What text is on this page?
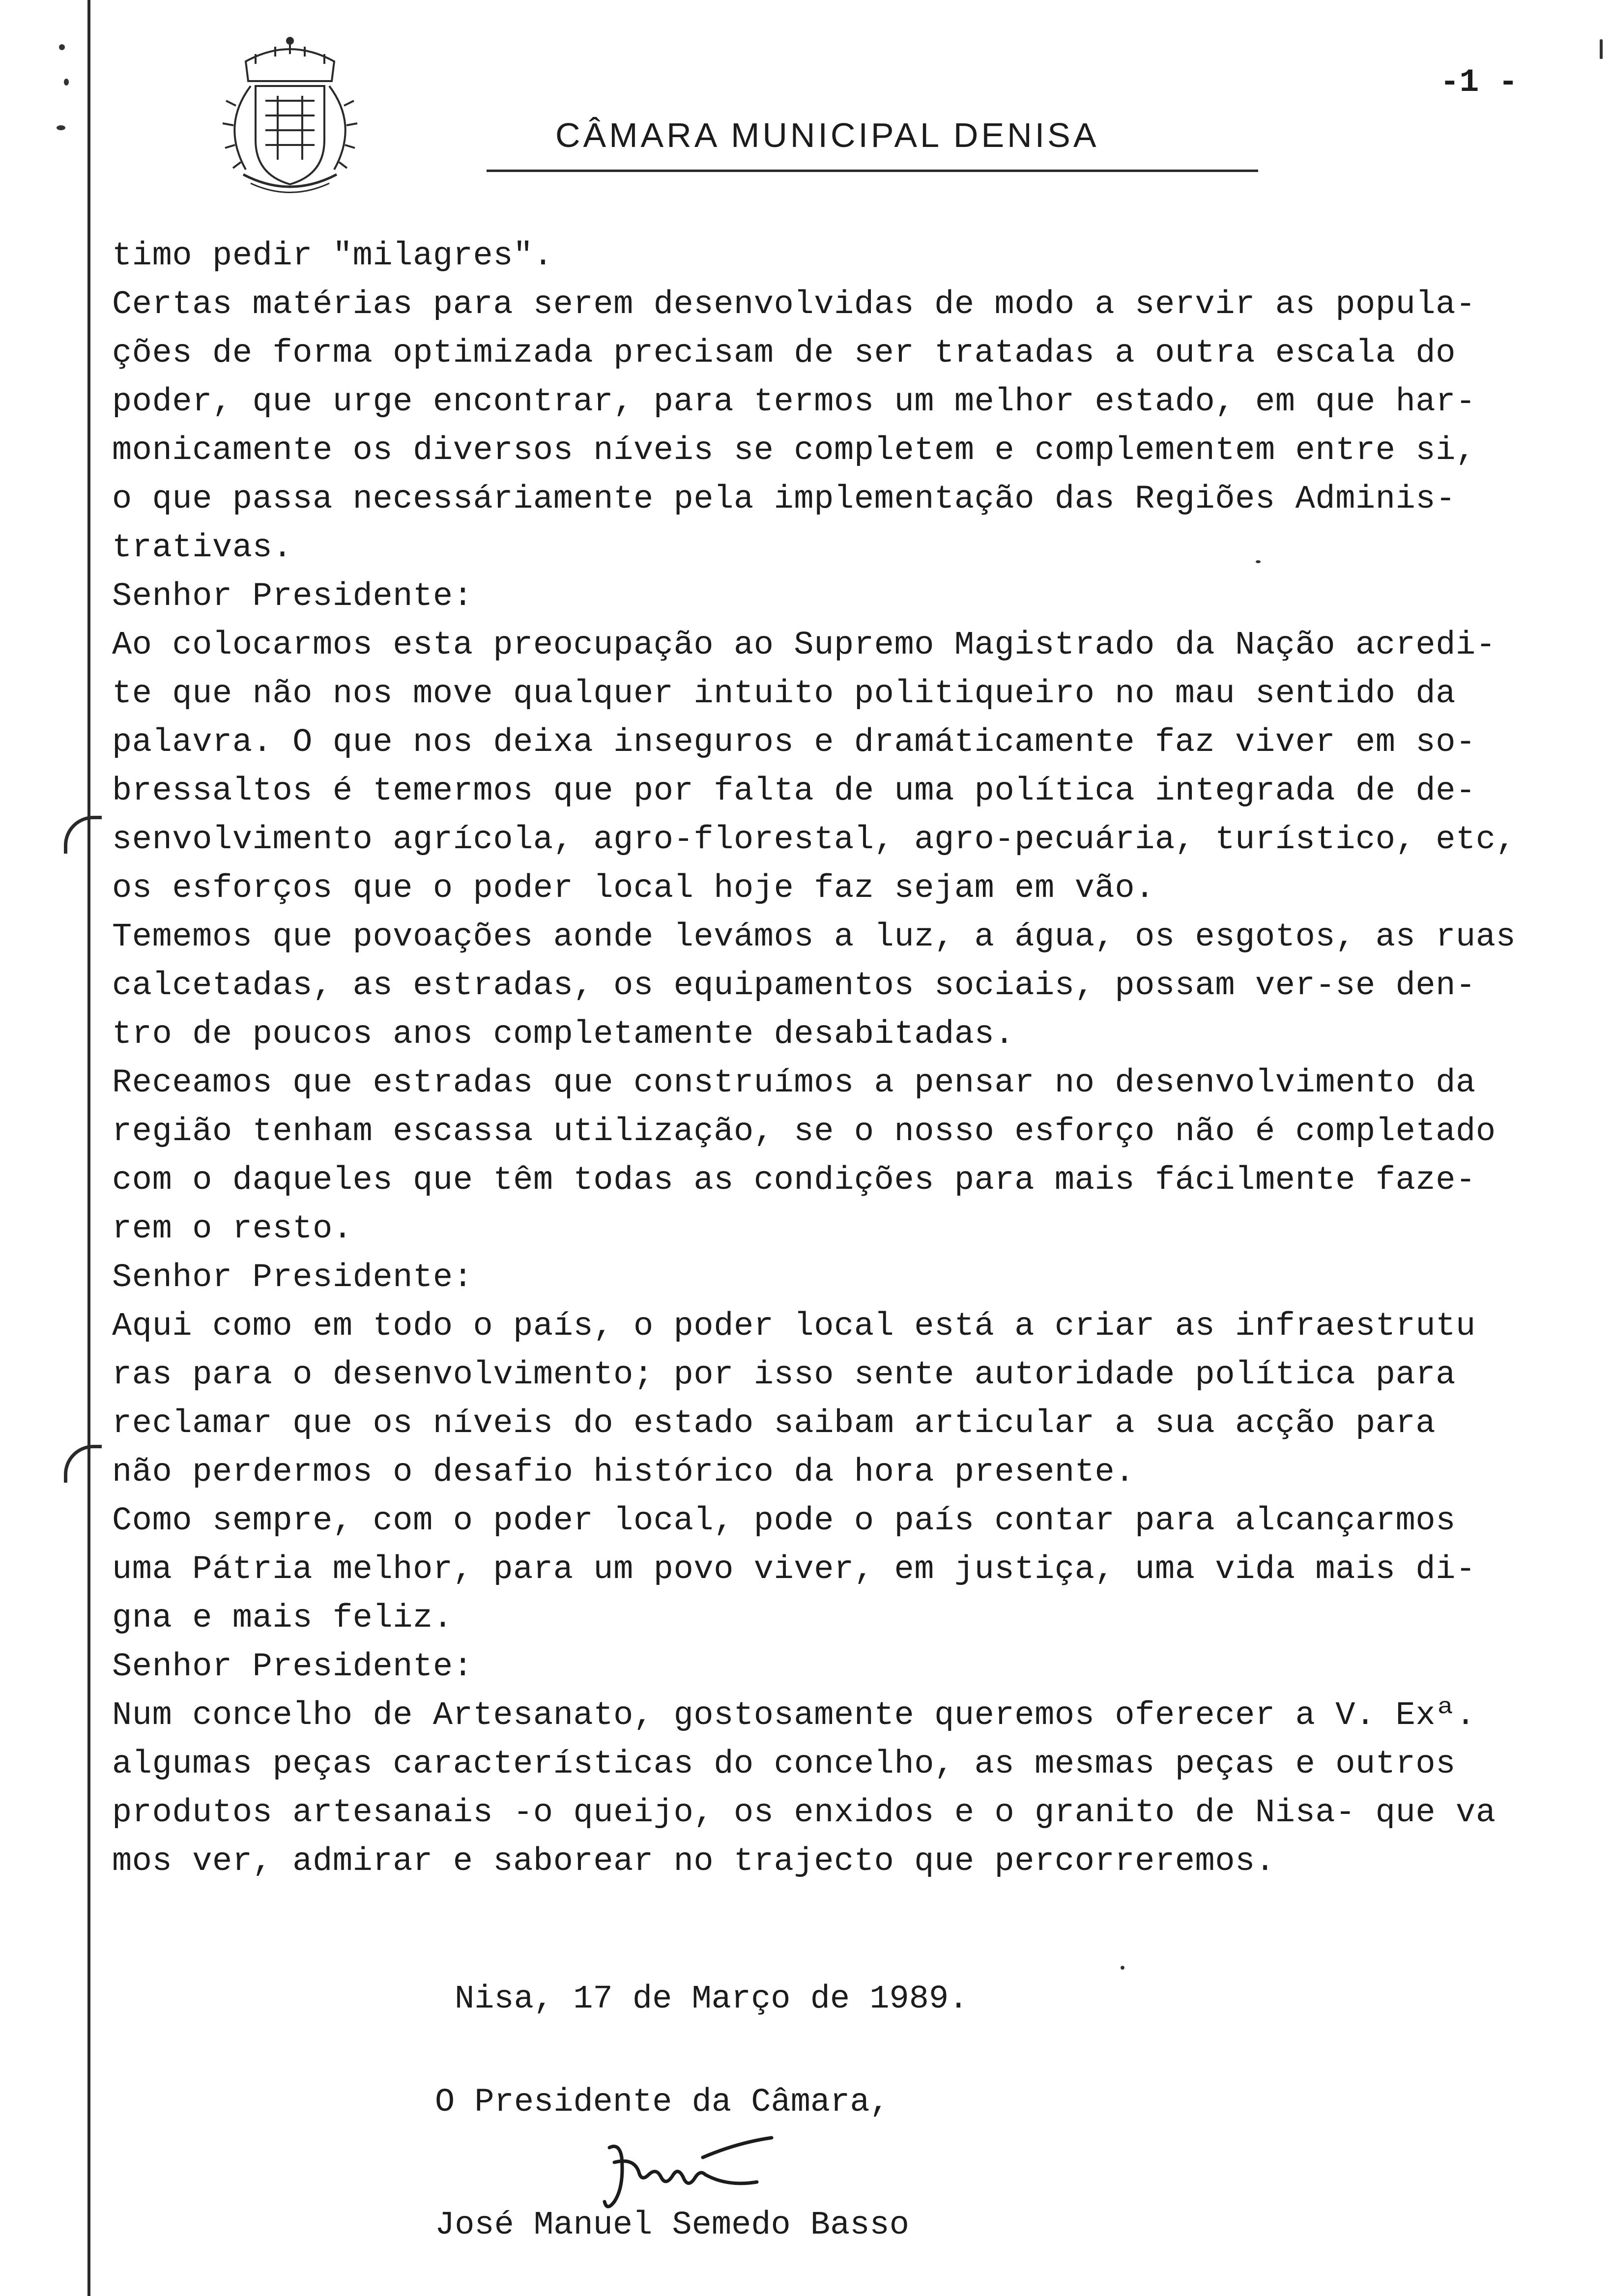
CÂMARA MUNICIPAL DENISA
-1 -
timo pedir "milagres".
Certas matérias para serem desenvolvidas de modo a servir as popula-
ções de forma optimizada precisam de ser tratadas a outra escala do
poder, que urge encontrar, para termos um melhor estado, em que har-
monicamente os diversos níveis se completem e complementem entre si,
o que passa necessáriamente pela implementação das Regiões Adminis-
trativas.
Senhor Presidente:
Ao colocarmos esta preocupação ao Supremo Magistrado da Nação acredi-
te que não nos move qualquer intuito politiqueiro no mau sentido da
palavra. O que nos deixa inseguros e dramáticamente faz viver em so-
bressaltos é temermos que por falta de uma política integrada de de-
senvolvimento agrícola, agro-florestal, agro-pecuária, turístico, etc,
os esforços que o poder local hoje faz sejam em vão.
Tememos que povoações aonde levámos a luz, a água, os esgotos, as ruas
calcetadas, as estradas, os equipamentos sociais, possam ver-se den-
tro de poucos anos completamente desabitadas.
Receamos que estradas que construímos a pensar no desenvolvimento da
região tenham escassa utilização, se o nosso esforço não é completado
com o daqueles que têm todas as condições para mais fácilmente faze-
rem o resto.
Senhor Presidente:
Aqui como em todo o país, o poder local está a criar as infraestrutu
ras para o desenvolvimento; por isso sente autoridade política para
reclamar que os níveis do estado saibam articular a sua acção para
não perdermos o desafio histórico da hora presente.
Como sempre, com o poder local, pode o país contar para alcançarmos
uma Pátria melhor, para um povo viver, em justiça, uma vida mais di-
gna e mais feliz.
Senhor Presidente:
Num concelho de Artesanato, gostosamente queremos oferecer a V. Exª.
algumas peças características do concelho, as mesmas peças e outros
produtos artesanais -o queijo, os enxidos e o granito de Nisa- que va
mos ver, admirar e saborear no trajecto que percorreremos.
Nisa, 17 de Março de 1989.
O Presidente da Câmara,
José Manuel Semedo Basso
